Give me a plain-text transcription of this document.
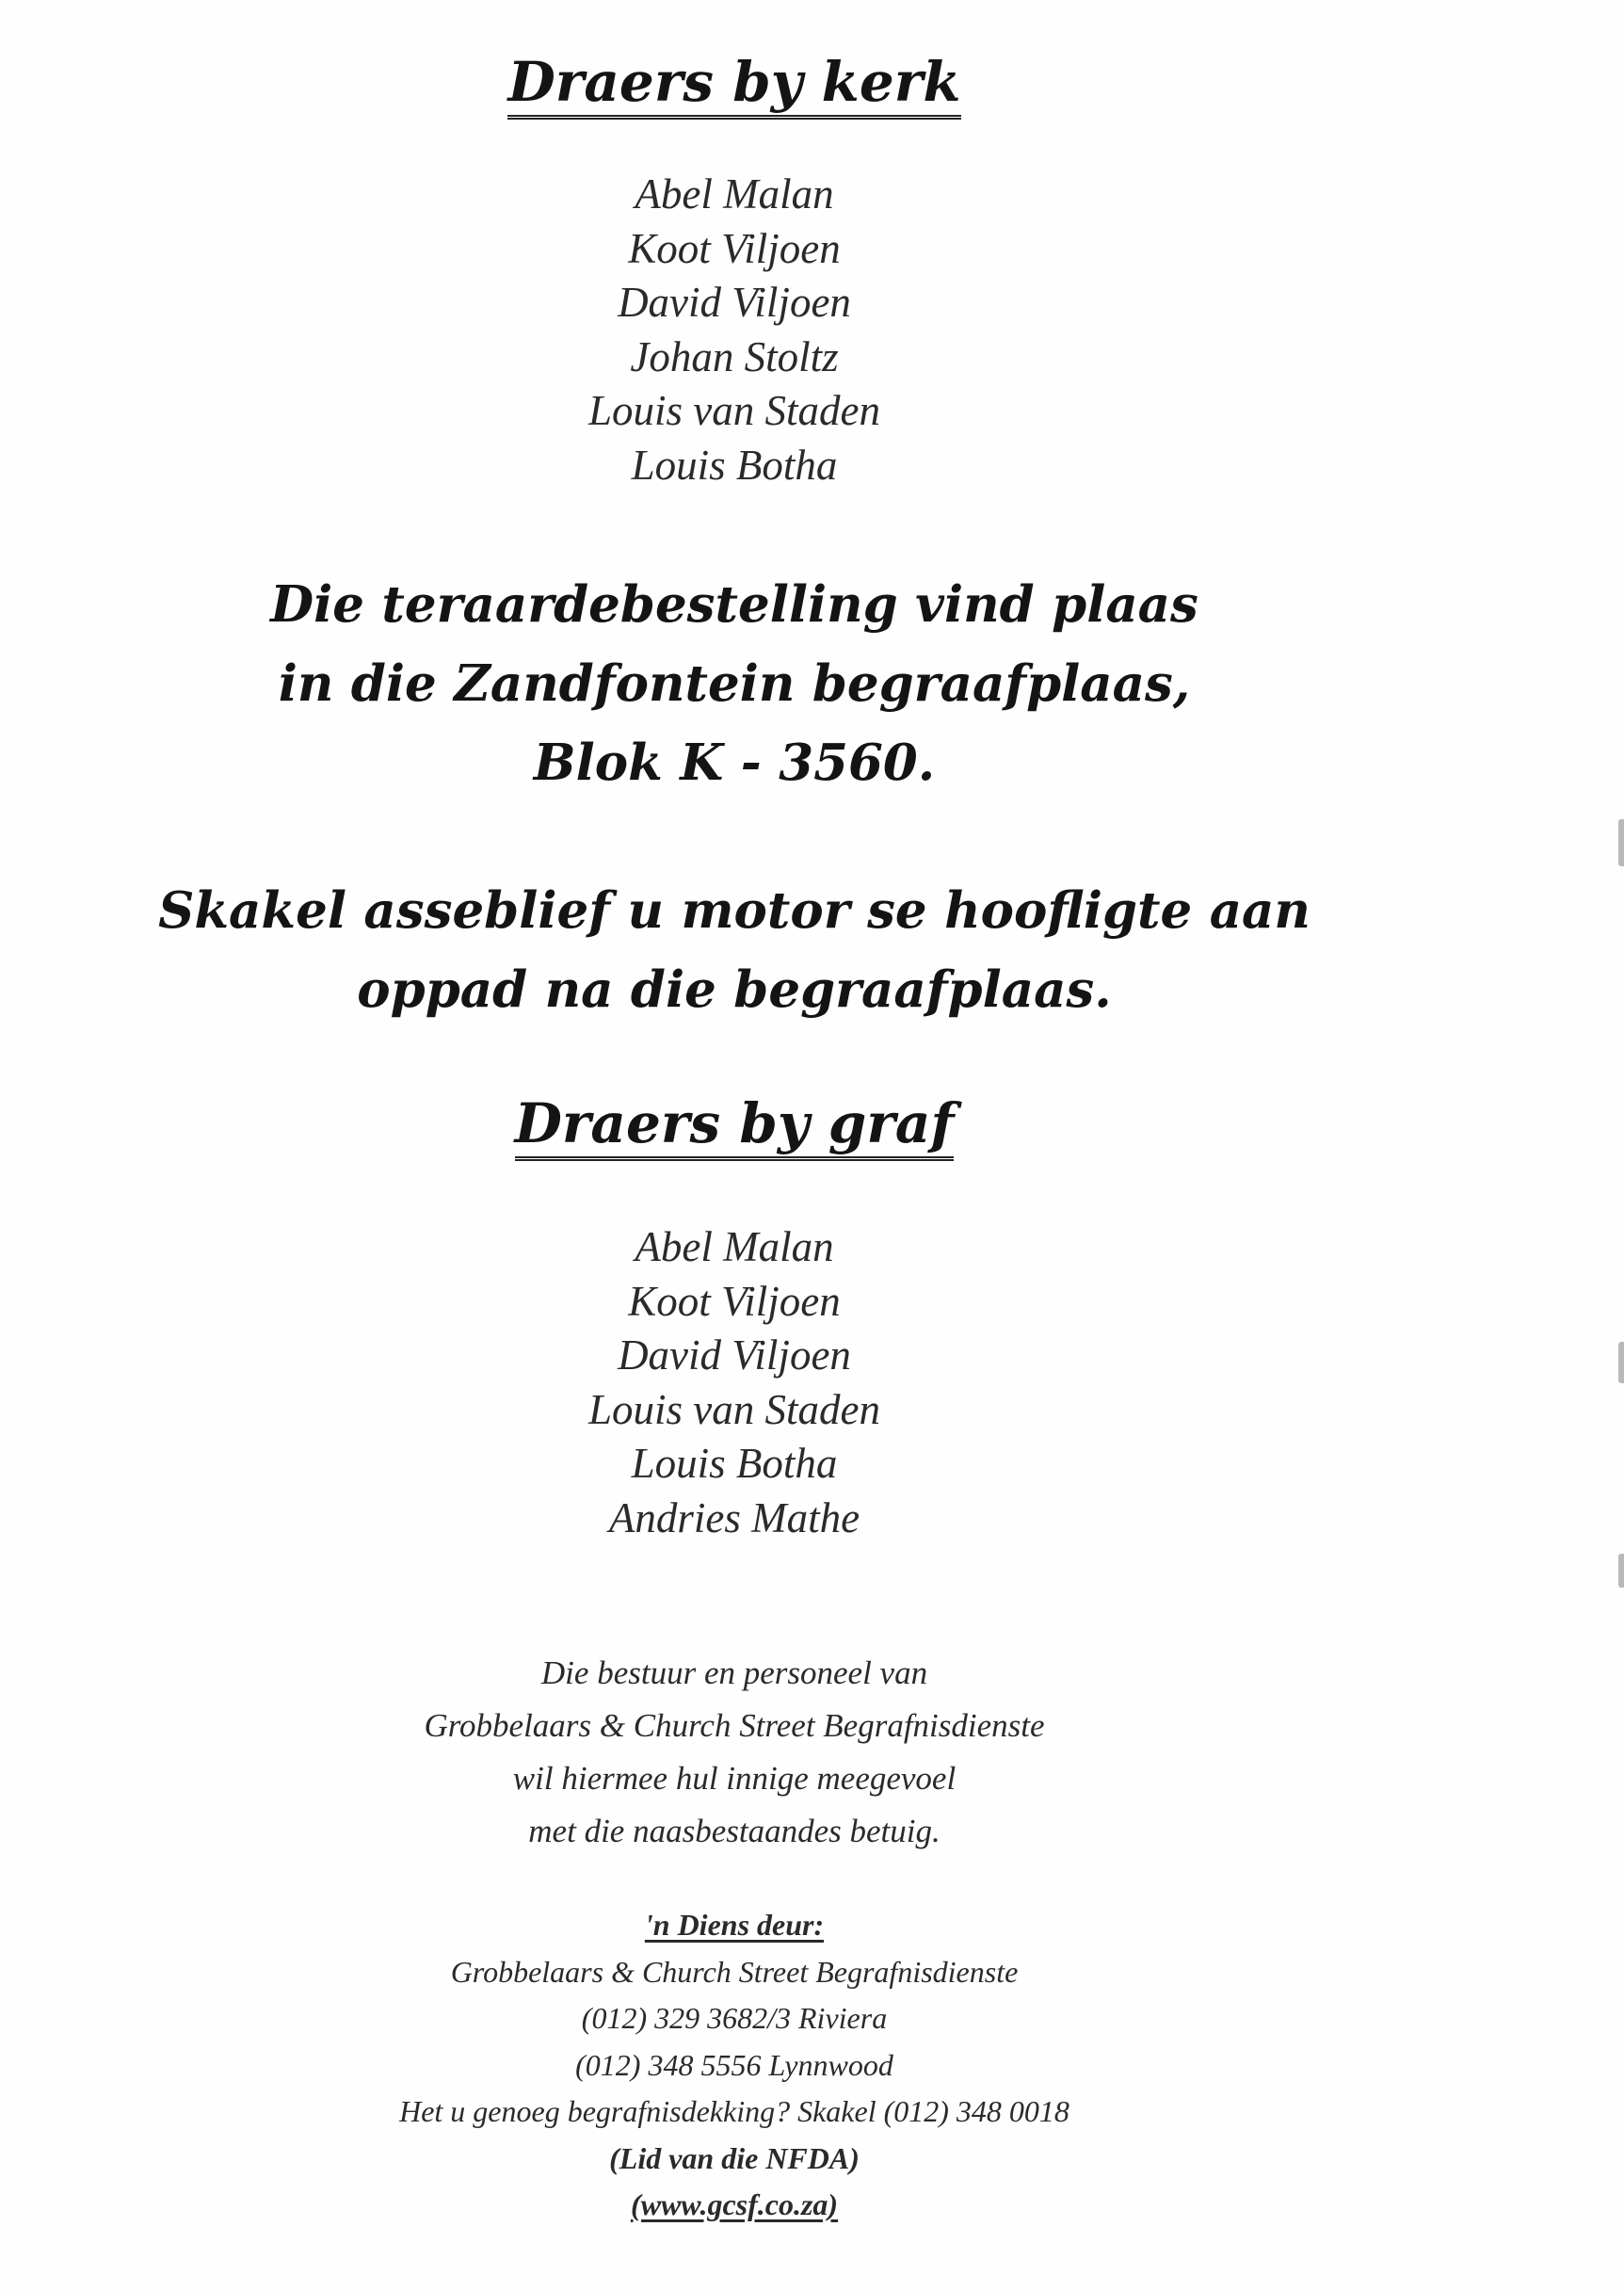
Draers by kerk
Abel Malan
Koot Viljoen
David Viljoen
Johan Stoltz
Louis van Staden
Louis Botha
Die teraardebestelling vind plaas
in die Zandfontein begraafplaas,
Blok K - 3560.
Skakel asseblief u motor se hoofligte aan
oppad na die begraafplaas.
Draers by graf
Abel Malan
Koot Viljoen
David Viljoen
Louis van Staden
Louis Botha
Andries Mathe
Die bestuur en personeel van
Grobbelaars & Church Street Begrafnisdienste
wil hiermee hul innige meegevoel
met die naasbestaandes betuig.
'n Diens deur:
Grobbelaars & Church Street Begrafnisdienste
(012) 329 3682/3 Riviera
(012) 348 5556 Lynnwood
Het u genoeg begrafnisdekking? Skakel (012) 348 0018
(Lid van die NFDA)
(www.gcsf.co.za)
